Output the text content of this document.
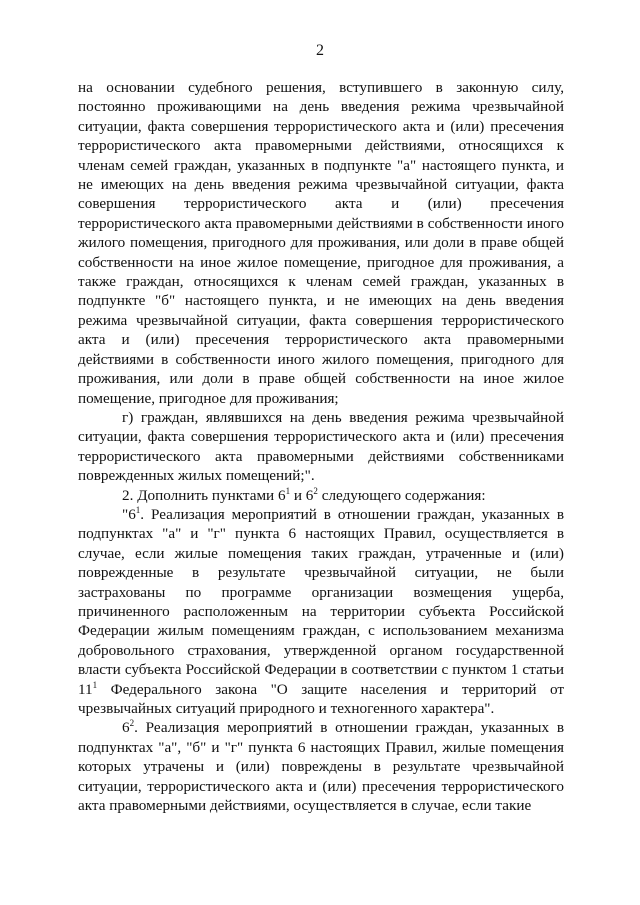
2

на основании судебного решения, вступившего в законную силу, постоянно проживающими на день введения режима чрезвычайной ситуации, факта совершения террористического акта и (или) пресечения террористического акта правомерными действиями, относящихся к членам семей граждан, указанных в подпункте "а" настоящего пункта, и не имеющих на день введения режима чрезвычайной ситуации, факта совершения террористического акта и (или) пресечения террористического акта правомерными действиями в собственности иного жилого помещения, пригодного для проживания, или доли в праве общей собственности на иное жилое помещение, пригодное для проживания, а также граждан, относящихся к членам семей граждан, указанных в подпункте "б" настоящего пункта, и не имеющих на день введения режима чрезвычайной ситуации, факта совершения террористического акта и (или) пресечения террористического акта правомерными действиями в собственности иного жилого помещения, пригодного для проживания, или доли в праве общей собственности на иное жилое помещение, пригодное для проживания;

г) граждан, являвшихся на день введения режима чрезвычайной ситуации, факта совершения террористического акта и (или) пресечения террористического акта правомерными действиями собственниками поврежденных жилых помещений;".

2. Дополнить пунктами $6^1$ и $6^2$ следующего содержания:

"$6^1$. Реализация мероприятий в отношении граждан, указанных в подпунктах "а" и "г" пункта 6 настоящих Правил, осуществляется в случае, если жилые помещения таких граждан, утраченные и (или) поврежденные в результате чрезвычайной ситуации, не были застрахованы по программе организации возмещения ущерба, причиненного расположенным на территории субъекта Российской Федерации жилым помещениям граждан, с использованием механизма добровольного страхования, утвержденной органом государственной власти субъекта Российской Федерации в соответствии с пунктом 1 статьи $11^1$ Федерального закона "О защите населения и территорий от чрезвычайных ситуаций природного и техногенного характера".

$6^2$. Реализация мероприятий в отношении граждан, указанных в подпунктах "а", "б" и "г" пункта 6 настоящих Правил, жилые помещения которых утрачены и (или) повреждены в результате чрезвычайной ситуации, террористического акта и (или) пресечения террористического акта правомерными действиями, осуществляется в случае, если такие
